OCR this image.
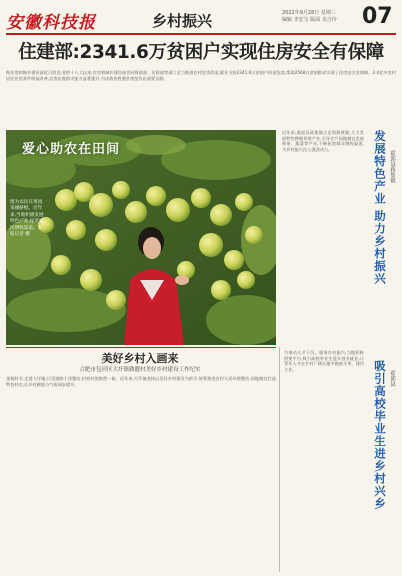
安徽科技报	乡村振兴	2022年9月28日 星期三
编辑 李宏宝 版面 美吉玲 07
住建部:2341.6万贫困户实现住房安全有保障
据住房和城乡建设部近日消息,党的十八大以来,住房和城乡建设部会同财政部、民政部等部门全力推进农村危房改造,累计支持2341.6万贫困户改造危房,帮助2568万贫困群众实现了住房安全有保障。2.4亿多农村居民住房条件明显改善,农房抗震防灾能力显著提升,为决战决胜脱贫攻坚作出重要贡献。
爱心助农在田间
图为农民在果园采摘脐橙。近年来,当地积极发展特色产业,拓宽农民增收渠道。本报记者 摄
近年来,霍邱县蒋集镇立足资源禀赋,大力发展特色种植养殖产业,引导农户因地制宜发展林果、蔬菜等产业,不断拓宽群众增收渠道,为乡村振兴注入强劲动力。	发展特色产业 助力乡村振兴 霍邱县蒋集镇
美好乡村入画来
合肥市包河区大圩镇做靓村美好乡村建设工作纪实
金秋时节,走进大圩镇,只见道路干净整洁,村容村貌焕然一新。近年来,大圩镇坚持以美好乡村建设为抓手,统筹推进农村人居环境整治,因地制宜打造特色村庄,让乡村颜值与气质同步提升。
为推动人才下沉、服务乡村振兴,当地积极搭建平台,吸引高校毕业生返乡创业就业,让青年人才在乡村广阔天地中施展才华、建功立业。	吸引高校毕业生进乡村兴乡 霍邱县
